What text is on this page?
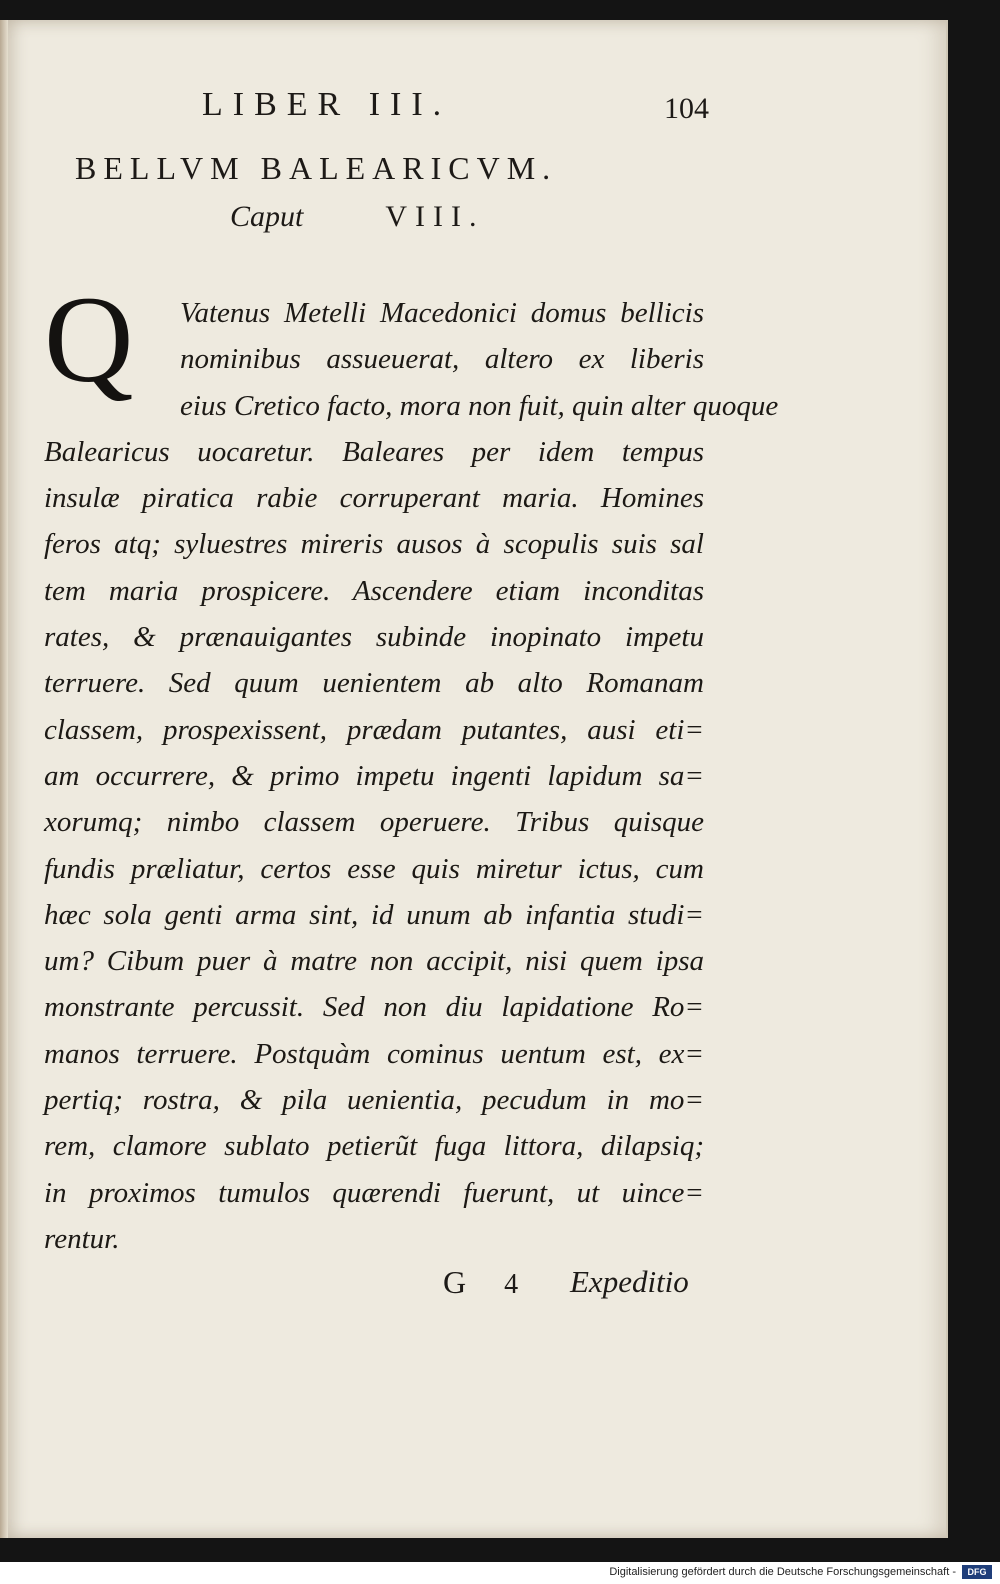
LIBER III.	104
BELLVM BALEARICVM.
Caput	VIII.
Q	Vatenus Metelli Macedonici domus bellicis
nominibus assueuerat, altero ex liberis
eius Cretico facto, mora non fuit, quin alter quoque
Balearicus uocaretur. Baleares per idem tempus
insulæ piratica rabie corruperant maria. Homines
feros atq; syluestres mireris ausos à scopulis suis sal
tem maria prospicere. Ascendere etiam inconditas
rates, & prænauigantes subinde inopinato impetu
terruere. Sed quum uenientem ab alto Romanam
classem, prospexissent, prædam putantes, ausi eti=
am occurrere, & primo impetu ingenti lapidum sa=
xorumq; nimbo classem operuere. Tribus quisque
fundis præliatur, certos esse quis miretur ictus, cum
hæc sola genti arma sint, id unum ab infantia studi=
um? Cibum puer à matre non accipit, nisi quem ipsa
monstrante percussit. Sed non diu lapidatione Ro=
manos terruere. Postquàm cominus uentum est, ex=
pertiq; rostra, & pila uenientia, pecudum in mo=
rem, clamore sublato petierũt fuga littora, dilapsiq;
in proximos tumulos quærendi fuerunt, ut uince=
rentur.
G 4 Expeditio
Digitalisierung gefördert durch die Deutsche Forschungsgemeinschaft -	DFG
